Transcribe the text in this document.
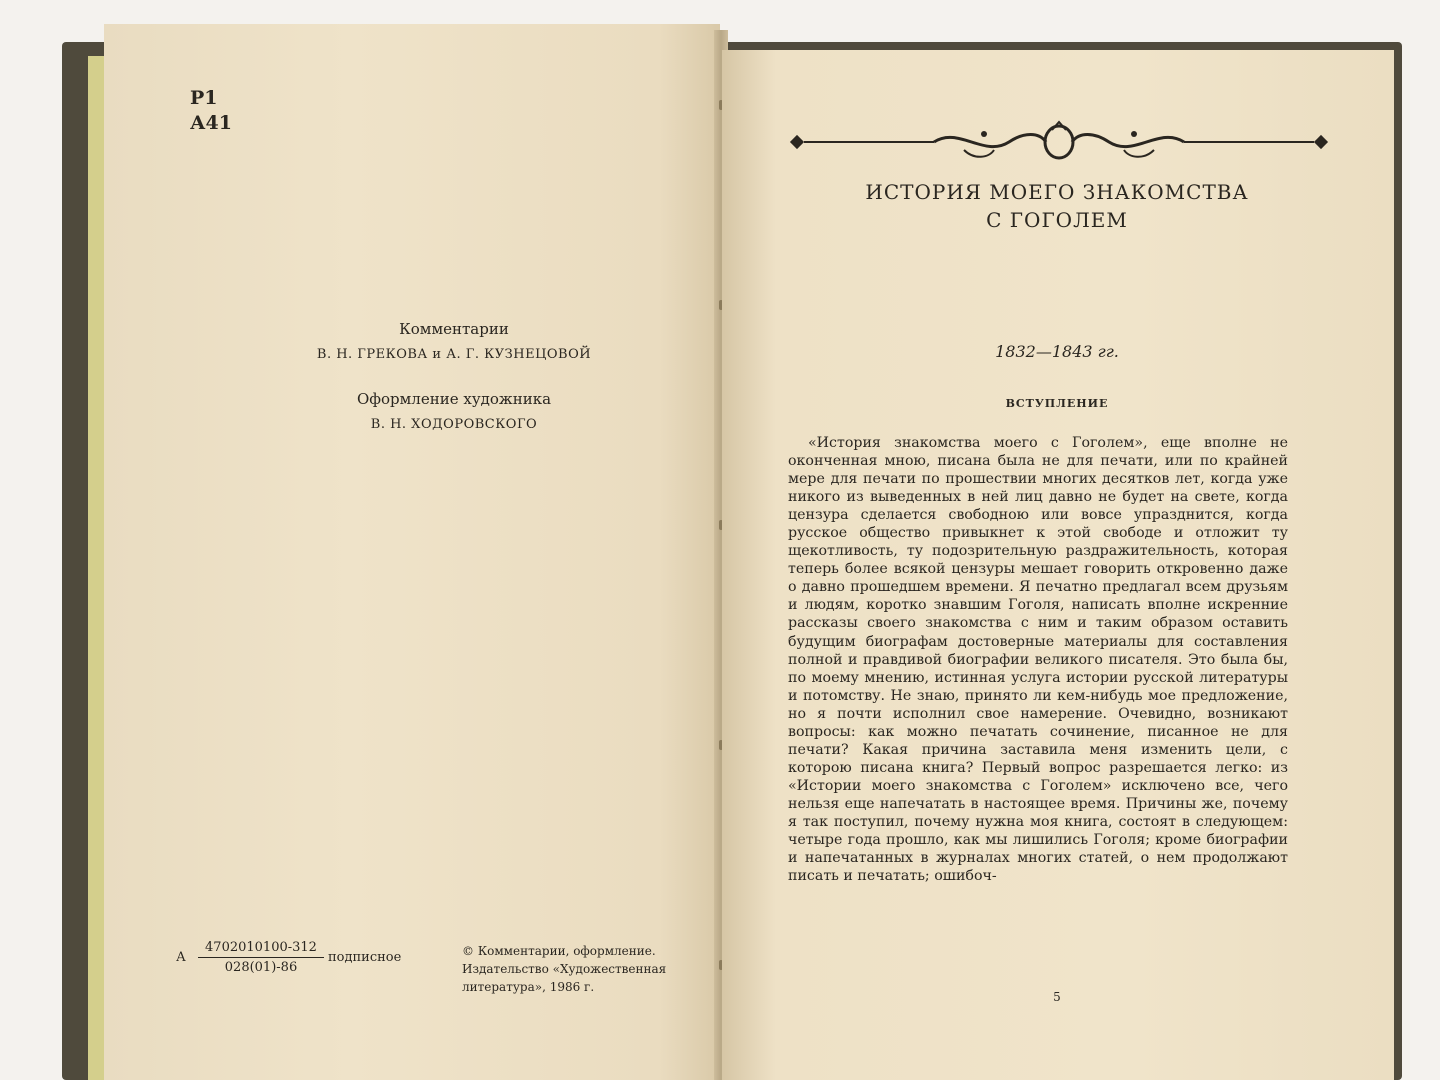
Р1
А41
Комментарии
В. Н. ГРЕКОВА и А. Г. КУЗНЕЦОВОЙ
Оформление художника
В. Н. ХОДОРОВСКОГО
А $\frac{4702010100-312}{028(01)-86}$ подписное	© Комментарии, оформление. Издательство «Художественная литература», 1986 г.
ИСТОРИЯ МОЕГО ЗНАКОМСТВА
С ГОГОЛЕМ
1832—1843 гг.
ВСТУПЛЕНИЕ

«История знакомства моего с Гоголем», еще вполне не оконченная мною, писана была не для печати, или по крайней мере для печати по прошествии многих десятков лет, когда уже никого из выведенных в ней лиц давно не будет на свете, когда цензура сделается свободною или вовсе упразднится, когда русское общество привыкнет к этой свободе и отложит ту щекотливость, ту подозрительную раздражительность, которая теперь более всякой цензуры мешает говорить откровенно даже о давно прошедшем времени. Я печатно предлагал всем друзьям и людям, коротко знавшим Гоголя, написать вполне искренние рассказы своего знакомства с ним и таким образом оставить будущим биографам достоверные материалы для составления полной и правдивой биографии великого писателя. Это была бы, по моему мнению, истинная услуга истории русской литературы и потомству. Не знаю, принято ли кем-нибудь мое предложение, но я почти исполнил свое намерение. Очевидно, возникают вопросы: как можно печатать сочинение, писанное не для печати? Какая причина заставила меня изменить цели, с которою писана книга? Первый вопрос разрешается легко: из «Истории моего знакомства с Гоголем» исключено все, чего нельзя еще напечатать в настоящее время. Причины же, почему я так поступил, почему нужна моя книга, состоят в следующем: четыре года прошло, как мы лишились Гоголя; кроме биографии и напечатанных в журналах многих статей, о нем продолжают писать и печатать; ошибоч-

5
